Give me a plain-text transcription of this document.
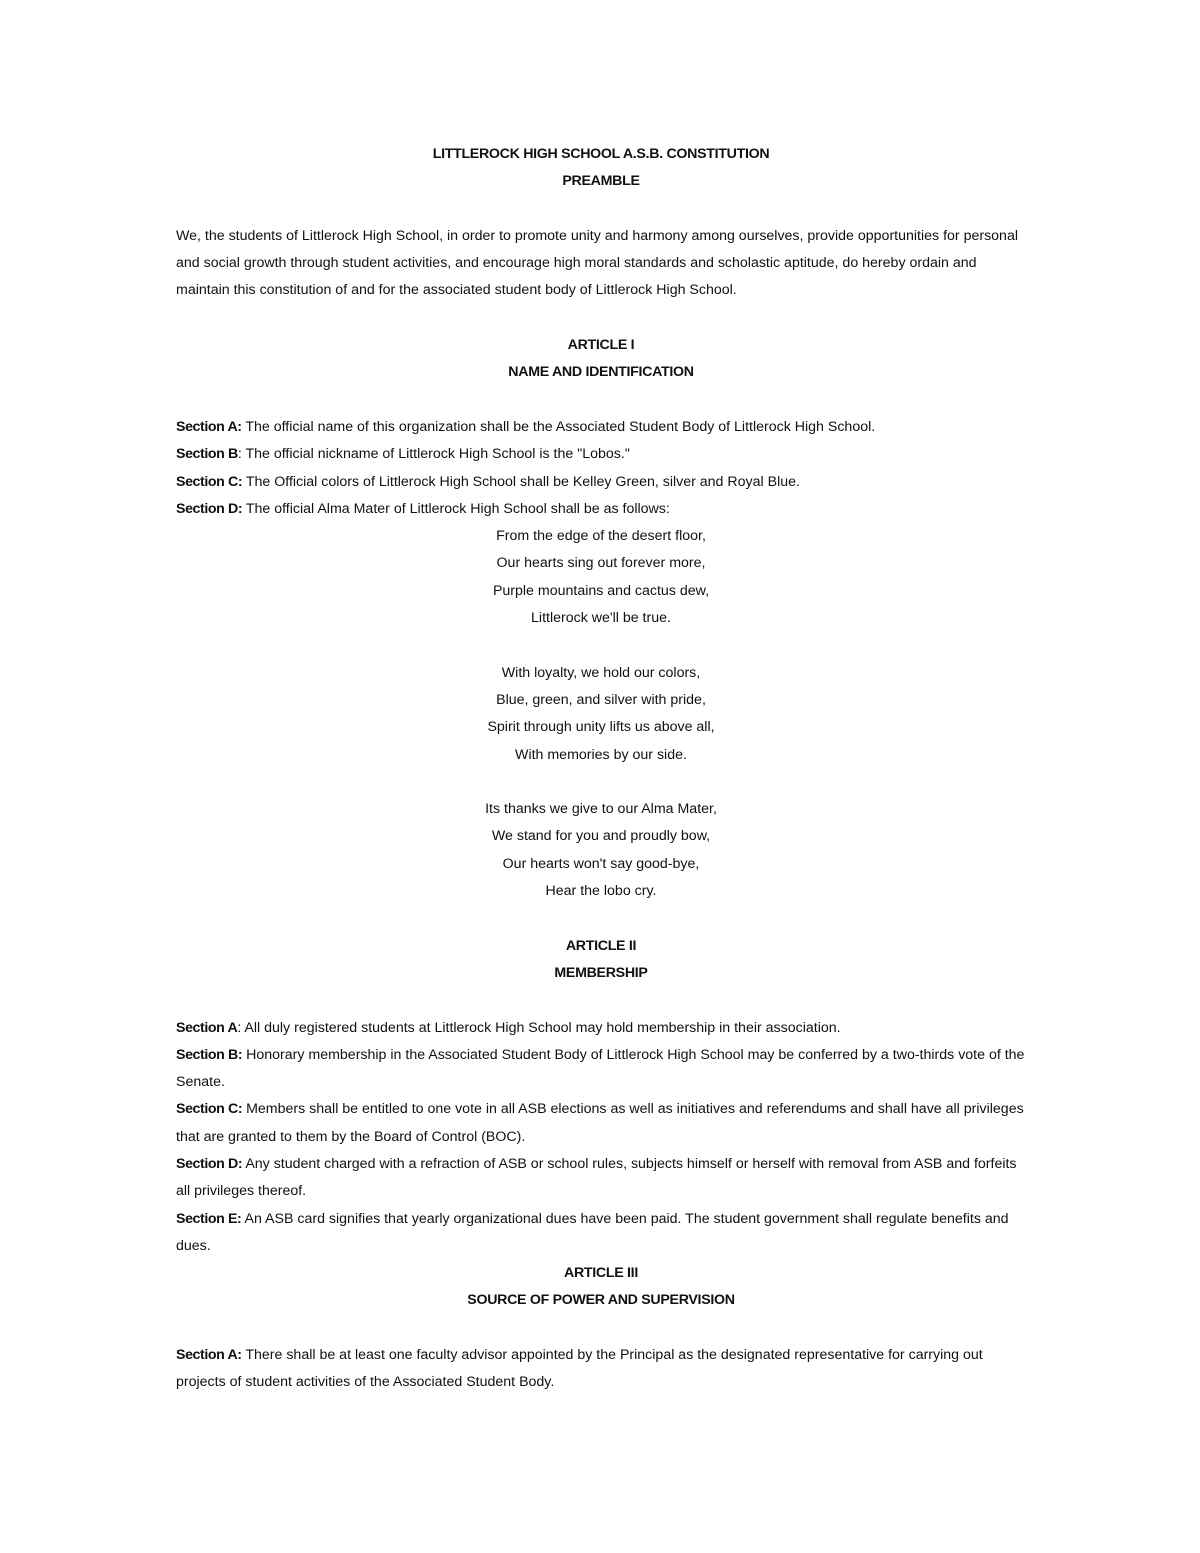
LITTLEROCK HIGH SCHOOL A.S.B. CONSTITUTION
PREAMBLE

We, the students of Littlerock High School, in order to promote unity and harmony among ourselves, provide opportunities for personal and social growth through student activities, and encourage high moral standards and scholastic aptitude, do hereby ordain and maintain this constitution of and for the associated student body of Littlerock High School.

ARTICLE I
NAME AND IDENTIFICATION

Section A: The official name of this organization shall be the Associated Student Body of Littlerock High School.

Section B: The official nickname of Littlerock High School is the "Lobos."

Section C: The Official colors of Littlerock High School shall be Kelley Green, silver and Royal Blue.

Section D: The official Alma Mater of Littlerock High School shall be as follows:

From the edge of the desert floor,

Our hearts sing out forever more,

Purple mountains and cactus dew,

Littlerock we'll be true.

With loyalty, we hold our colors,

Blue, green, and silver with pride,

Spirit through unity lifts us above all,

With memories by our side.

Its thanks we give to our Alma Mater,

We stand for you and proudly bow,

Our hearts won't say good-bye,

Hear the lobo cry.

ARTICLE II
MEMBERSHIP

Section A: All duly registered students at Littlerock High School may hold membership in their association.

Section B: Honorary membership in the Associated Student Body of Littlerock High School may be conferred by a two-thirds vote of the Senate.

Section C: Members shall be entitled to one vote in all ASB elections as well as initiatives and referendums and shall have all privileges that are granted to them by the Board of Control (BOC).

Section D: Any student charged with a refraction of ASB or school rules, subjects himself or herself with removal from ASB and forfeits all privileges thereof.

Section E: An ASB card signifies that yearly organizational dues have been paid. The student government shall regulate benefits and dues.

ARTICLE III
SOURCE OF POWER AND SUPERVISION

Section A: There shall be at least one faculty advisor appointed by the Principal as the designated representative for carrying out projects of student activities of the Associated Student Body.
